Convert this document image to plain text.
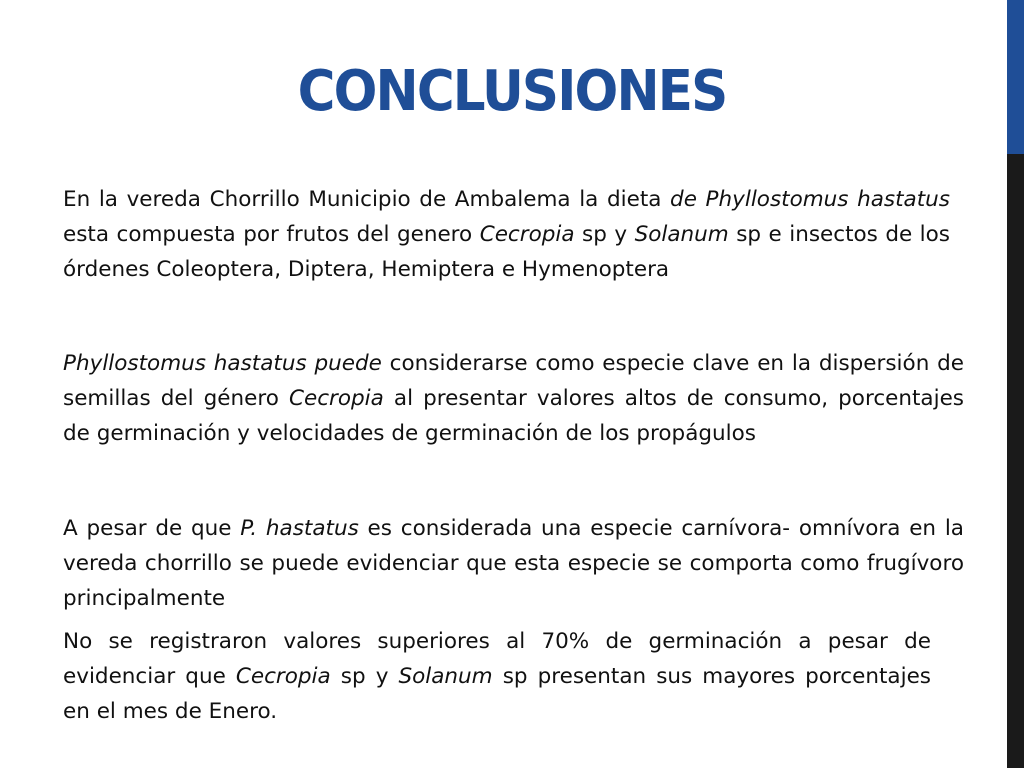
CONCLUSIONES

En la vereda Chorrillo Municipio de Ambalema la dieta de Phyllostomus hastatus esta compuesta por frutos del genero Cecropia sp y Solanum sp e insectos de los órdenes Coleoptera, Diptera, Hemiptera e Hymenoptera

Phyllostomus hastatus puede considerarse como especie clave en la dispersión de semillas del género Cecropia al presentar valores altos de consumo, porcentajes de germinación y velocidades de germinación de los propágulos

A pesar de que P. hastatus es considerada una especie carnívora- omnívora en la vereda chorrillo se puede evidenciar que esta especie se comporta como frugívoro principalmente

No se registraron valores superiores al 70% de germinación a pesar de evidenciar que Cecropia sp y Solanum sp presentan sus mayores porcentajes en el mes de Enero.
